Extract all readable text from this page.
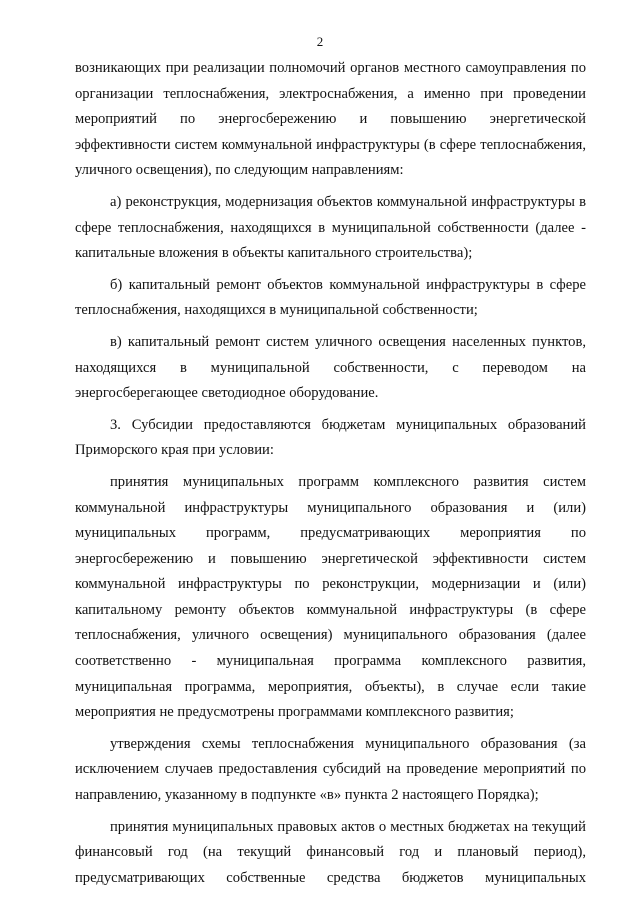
2

возникающих при реализации полномочий органов местного самоуправления по организации теплоснабжения, электроснабжения, а именно при проведении мероприятий по энергосбережению и повышению энергетической эффективности систем коммунальной инфраструктуры (в сфере теплоснабжения, уличного освещения), по следующим направлениям:

а) реконструкция, модернизация объектов коммунальной инфраструктуры в сфере теплоснабжения, находящихся в муниципальной собственности (далее - капитальные вложения в объекты капитального строительства);

б) капитальный ремонт объектов коммунальной инфраструктуры в сфере теплоснабжения, находящихся в муниципальной собственности;

в) капитальный ремонт систем уличного освещения населенных пунктов, находящихся в муниципальной собственности, с переводом на энергосберегающее светодиодное оборудование.

3. Субсидии предоставляются бюджетам муниципальных образований Приморского края при условии:

принятия муниципальных программ комплексного развития систем коммунальной инфраструктуры муниципального образования и (или) муниципальных программ, предусматривающих мероприятия по энергосбережению и повышению энергетической эффективности систем коммунальной инфраструктуры по реконструкции, модернизации и (или) капитальному ремонту объектов коммунальной инфраструктуры (в сфере теплоснабжения, уличного освещения) муниципального образования (далее соответственно - муниципальная программа комплексного развития, муниципальная программа, мероприятия, объекты), в случае если такие мероприятия не предусмотрены программами комплексного развития;

утверждения схемы теплоснабжения муниципального образования (за исключением случаев предоставления субсидий на проведение мероприятий по направлению, указанному в подпункте «в» пункта 2 настоящего Порядка);

принятия муниципальных правовых актов о местных бюджетах на текущий финансовый год (на текущий финансовый год и плановый период), предусматривающих собственные средства бюджетов муниципальных
